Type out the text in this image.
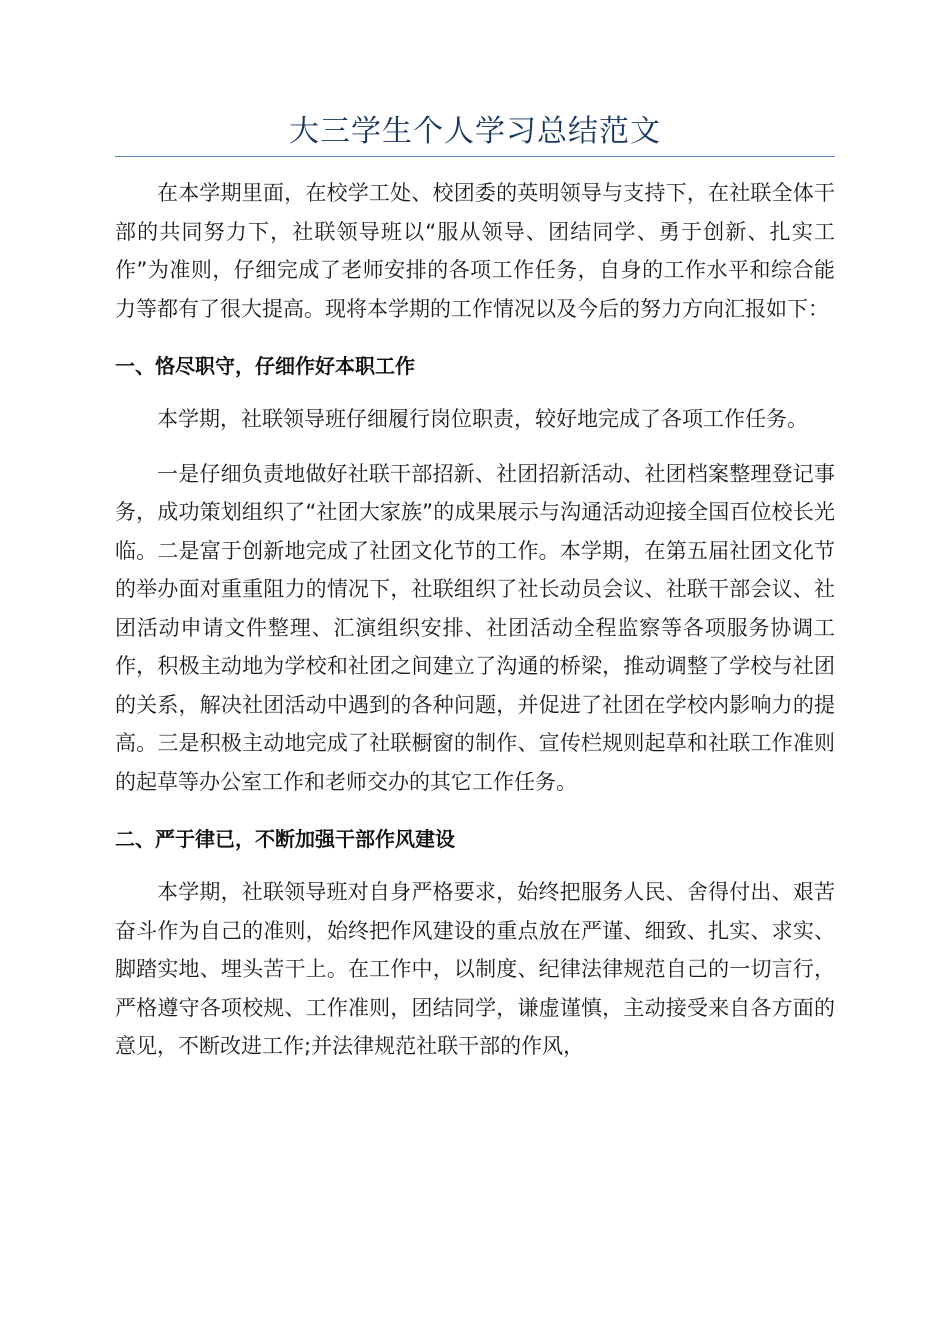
大三学生个人学习总结范文

在本学期里面，在校学工处、校团委的英明领导与支持下，在社联全体干部的共同努力下，社联领导班以“服从领导、团结同学、勇于创新、扎实工作”为准则，仔细完成了老师安排的各项工作任务，自身的工作水平和综合能力等都有了很大提高。现将本学期的工作情况以及今后的努力方向汇报如下：

一、恪尽职守，仔细作好本职工作

本学期，社联领导班仔细履行岗位职责，较好地完成了各项工作任务。

一是仔细负责地做好社联干部招新、社团招新活动、社团档案整理登记事务，成功策划组织了“社团大家族”的成果展示与沟通活动迎接全国百位校长光临。二是富于创新地完成了社团文化节的工作。本学期，在第五届社团文化节的举办面对重重阻力的情况下，社联组织了社长动员会议、社联干部会议、社团活动申请文件整理、汇演组织安排、社团活动全程监察等各项服务协调工作，积极主动地为学校和社团之间建立了沟通的桥梁，推动调整了学校与社团的关系，解决社团活动中遇到的各种问题，并促进了社团在学校内影响力的提高。三是积极主动地完成了社联橱窗的制作、宣传栏规则起草和社联工作准则的起草等办公室工作和老师交办的其它工作任务。

二、严于律已，不断加强干部作风建设

本学期，社联领导班对自身严格要求，始终把服务人民、舍得付出、艰苦奋斗作为自己的准则，始终把作风建设的重点放在严谨、细致、扎实、求实、脚踏实地、埋头苦干上。在工作中，以制度、纪律法律规范自己的一切言行，严格遵守各项校规、工作准则，团结同学，谦虚谨慎，主动接受来自各方面的意见，不断改进工作;并法律规范社联干部的作风，
